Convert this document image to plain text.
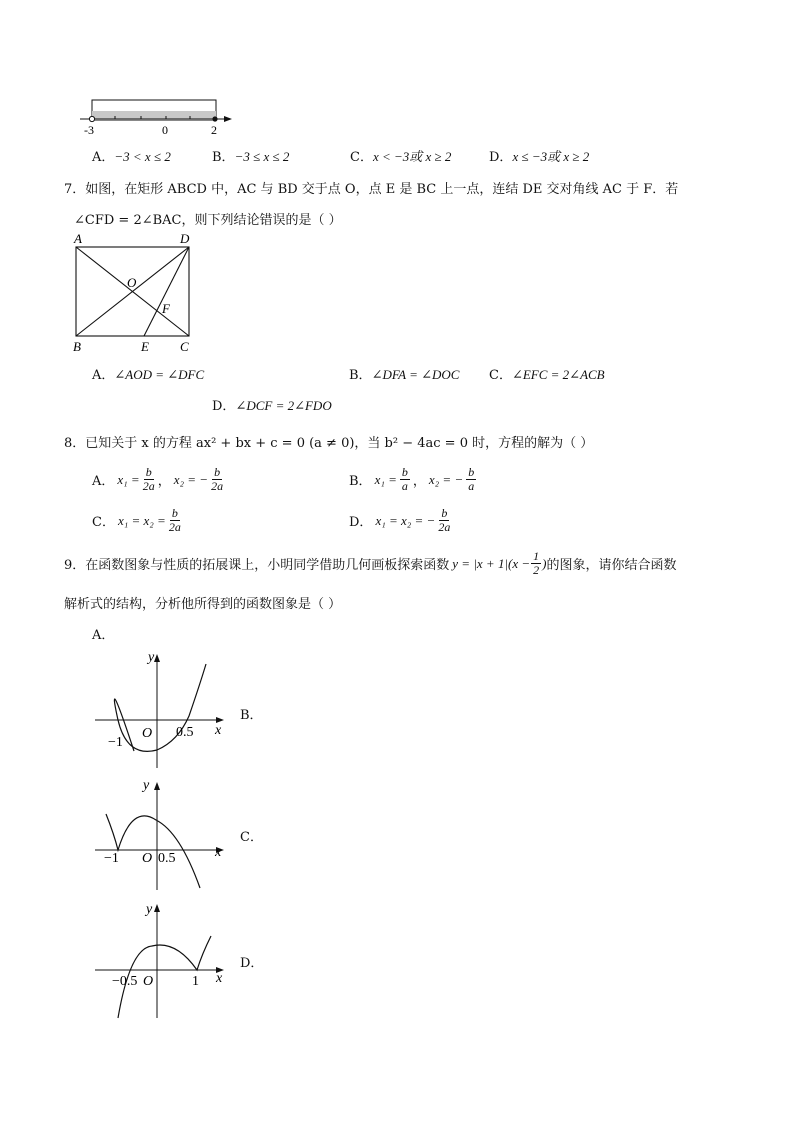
-3	0	2
A．−3 < x ≤ 2	B．−3 ≤ x ≤ 2	C．x < −3或 x ≥ 2	D．x ≤ −3或 x ≥ 2
7．如图，在矩形 ABCD 中，AC 与 BD 交于点 O，点 E 是 BC 上一点，连结 DE 交对角线 AC 于 F．若
∠CFD = 2∠BAC，则下列结论错误的是（ ）
A	D
O
F
B	E C
A．∠AOD = ∠DFC	B．∠DFA = ∠DOC C．∠EFC = 2∠ACB
D．∠DCF = 2∠FDO
8．已知关于 x 的方程 ax² + bx + c = 0 (a ≠ 0)，当 b² − 4ac = 0 时，方程的解为（ ）
A． $x_1 = \frac{b}{2a}$ ， x₂ = − $\frac{b}{2a}$	B． $x_1 = \frac{b}{a}$ ， x₂ = − $\frac{b}{a}$
C． $x_1 = x_2 = \frac{b}{2a}$	D． x₁ = x₂ = − $\frac{b}{2a}$
9．在函数图象与性质的拓展课上，小明同学借助几何画板探索函数 $y = |x + 1|(x - \frac{1}{2}$ ) 的图象，请你结合函数
解析式的结构，分析他所得到的函数图象是（ ）
A．
y
x
O
−1
0.5
B．
y
x
O
−1	0.5
C．
y
x
O
−0.5	1
D．
